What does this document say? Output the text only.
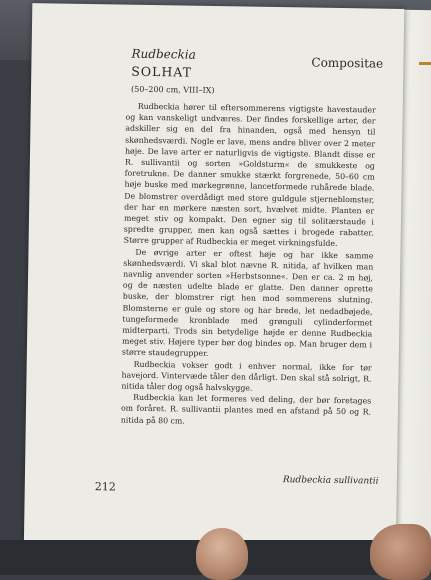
Rudbeckia
Compositae
SOLHAT
(50–200 cm, VIII–IX)

Rudbeckia hører til eftersommerens vigtigste havestauder og kan vanskeligt undværes. Der findes forskellige arter, der adskiller sig en del fra hinanden, også med hensyn til skønhedsværdi. Nogle er lave, mens andre bliver over 2 meter høje. De lave arter er naturligvis de vigtigste. Blandt disse er R. sullivantii og sorten »Goldsturm« de smukkeste og foretrukne. De danner smukke stærkt forgrenede, 50–60 cm høje buske med mørkegrønne, lancetformede ruhårede blade. De blomstrer overdådigt med store guldgule stjerneblomster, der har en mørkere næsten sort, hvælvet midte. Planten er meget stiv og kompakt. Den egner sig til solitærstaude i spredte grupper, men kan også sættes i brogede rabatter. Større grupper af Rudbeckia er meget virkningsfulde.

De øvrige arter er oftest høje og har ikke samme skønhedsværdi. Vi skal blot nævne R. nitida, af hvilken man navnlig anvender sorten »Herbstsonne«. Den er ca. 2 m høj, og de næsten udelte blade er glatte. Den danner oprette buske, der blomstrer rigt hen mod sommerens slutning. Blomsterne er gule og store og har brede, let nedadbøjede, tungeformede kronblade med grønguli cylinderformet midterparti. Trods sin betydelige højde er denne Rudbeckia meget stiv. Højere typer bør dog bindes op. Man bruger dem i større staudegrupper.

Rudbeckia vokser godt i enhver normal, ikke for tør havejord. Vintervæde tåler den dårligt. Den skal stå solrigt, R. nitida tåler dog også halvskygge.

Rudbeckia kan let formeres ved deling, der bør foretages om foråret. R. sullivantii plantes med en afstand på 50 og R. nitida på 80 cm.

212	Rudbeckia sullivantii
